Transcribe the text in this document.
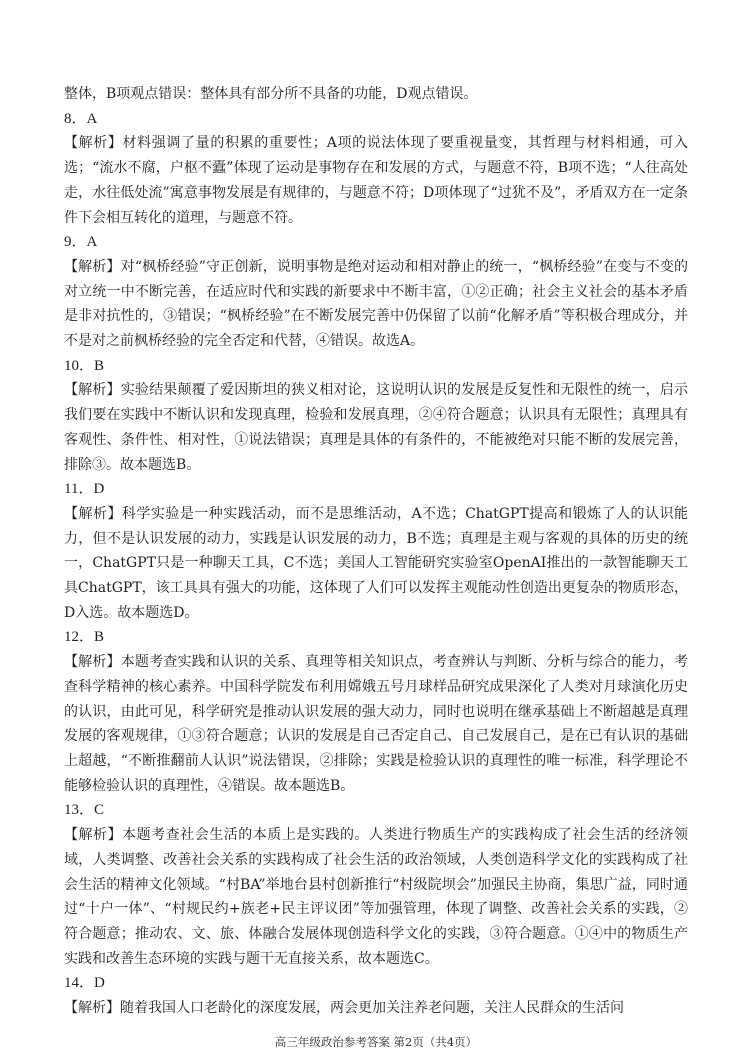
整体，B项观点错误：整体具有部分所不具备的功能，D观点错误。

8．A

【解析】材料强调了量的积累的重要性；A项的说法体现了要重视量变，其哲理与材料相通，可入选；“流水不腐，户枢不蠹”体现了运动是事物存在和发展的方式，与题意不符，B项不选；“人往高处走，水往低处流”寓意事物发展是有规律的，与题意不符；D项体现了“过犹不及”，矛盾双方在一定条件下会相互转化的道理，与题意不符。

9．A

【解析】对“枫桥经验”守正创新，说明事物是绝对运动和相对静止的统一，“枫桥经验”在变与不变的对立统一中不断完善，在适应时代和实践的新要求中不断丰富，①②正确；社会主义社会的基本矛盾是非对抗性的，③错误；“枫桥经验”在不断发展完善中仍保留了以前“化解矛盾”等积极合理成分，并不是对之前枫桥经验的完全否定和代替，④错误。故选A。

10．B

【解析】实验结果颠覆了爱因斯坦的狭义相对论，这说明认识的发展是反复性和无限性的统一，启示我们要在实践中不断认识和发现真理，检验和发展真理，②④符合题意；认识具有无限性；真理具有客观性、条件性、相对性，①说法错误；真理是具体的有条件的，不能被绝对只能不断的发展完善，排除③。故本题选B。

11．D

【解析】科学实验是一种实践活动，而不是思维活动，A不选；ChatGPT提高和锻炼了人的认识能力，但不是认识发展的动力，实践是认识发展的动力，B不选；真理是主观与客观的具体的历史的统一，ChatGPT只是一种聊天工具，C不选；美国人工智能研究实验室OpenAI推出的一款智能聊天工具ChatGPT，该工具具有强大的功能，这体现了人们可以发挥主观能动性创造出更复杂的物质形态，D入选。故本题选D。

12．B

【解析】本题考查实践和认识的关系、真理等相关知识点，考查辨认与判断、分析与综合的能力，考查科学精神的核心素养。中国科学院发布利用嫦娥五号月球样品研究成果深化了人类对月球演化历史的认识，由此可见，科学研究是推动认识发展的强大动力，同时也说明在继承基础上不断超越是真理发展的客观规律，①③符合题意；认识的发展是自己否定自己、自己发展自己，是在已有认识的基础上超越，“不断推翻前人认识”说法错误，②排除；实践是检验认识的真理性的唯一标准，科学理论不能够检验认识的真理性，④错误。故本题选B。

13．C

【解析】本题考查社会生活的本质上是实践的。人类进行物质生产的实践构成了社会生活的经济领域，人类调整、改善社会关系的实践构成了社会生活的政治领域，人类创造科学文化的实践构成了社会生活的精神文化领域。“村BA”举地台县村创新推行“村级院坝会”加强民主协商，集思广益，同时通过“十户一体”、“村规民约+族老+民主评议团”等加强管理，体现了调整、改善社会关系的实践，②符合题意；推动农、文、旅、体融合发展体现创造科学文化的实践，③符合题意。①④中的物质生产实践和改善生态环境的实践与题干无直接关系，故本题选C。

14．D

【解析】随着我国人口老龄化的深度发展，两会更加关注养老问题，关注人民群众的生活问

高三年级政治参考答案 第2页（共4页）
